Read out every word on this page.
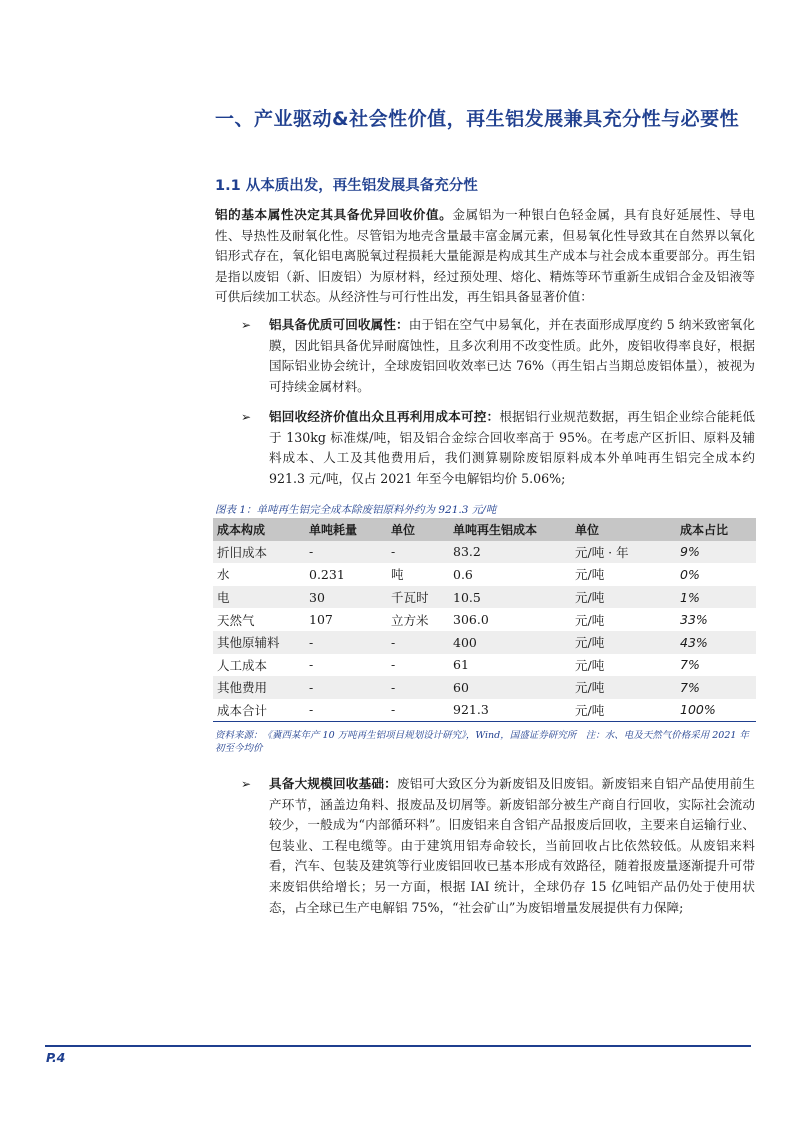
一、产业驱动&社会性价值，再生铝发展兼具充分性与必要性
1.1 从本质出发，再生铝发展具备充分性

铝的基本属性决定其具备优异回收价值。金属铝为一种银白色轻金属，具有良好延展性、导电性、导热性及耐氧化性。尽管铝为地壳含量最丰富金属元素，但易氧化性导致其在自然界以氧化铝形式存在，氧化铝电离脱氧过程损耗大量能源是构成其生产成本与社会成本重要部分。再生铝是指以废铝（新、旧废铝）为原材料，经过预处理、熔化、精炼等环节重新生成铝合金及铝液等可供后续加工状态。从经济性与可行性出发，再生铝具备显著价值：

➢ 铝具备优质可回收属性：由于铝在空气中易氧化，并在表面形成厚度约 5 纳米致密氧化膜，因此铝具备优异耐腐蚀性，且多次利用不改变性质。此外，废铝收得率良好，根据国际铝业协会统计，全球废铝回收效率已达 76%（再生铝占当期总废铝体量），被视为可持续金属材料。
➢ 铝回收经济价值出众且再利用成本可控：根据铝行业规范数据，再生铝企业综合能耗低于 130kg 标准煤/吨，铝及铝合金综合回收率高于 95%。在考虑产区折旧、原料及辅料成本、人工及其他费用后，我们测算剔除废铝原料成本外单吨再生铝完全成本约 921.3 元/吨，仅占 2021 年至今电解铝均价 5.06%;
图表 1：单吨再生铝完全成本除废铝原料外约为 921.3 元/吨
成本构成	单吨耗量	单位	单吨再生铝成本	单位	成本占比
折旧成本	-	-	83.2	元/吨 · 年	9%
水	0.231	吨	0.6	元/吨	0%
电	30	千瓦时	10.5	元/吨	1%
天然气	107	立方米	306.0	元/吨	33%
其他原辅料	-	-	400	元/吨	43%
人工成本	-	-	61	元/吨	7%
其他费用	-	-	60	元/吨	7%
成本合计	-	-	921.3	元/吨	100%
资料来源：《冀西某年产 10 万吨再生铝项目规划设计研究》，Wind，国盛证券研究所　注：水、电及天然气价格采用 2021 年初至今均价
➢ 具备大规模回收基础：废铝可大致区分为新废铝及旧废铝。新废铝来自铝产品使用前生产环节，涵盖边角料、报废品及切屑等。新废铝部分被生产商自行回收，实际社会流动较少，一般成为“内部循环料”。旧废铝来自含铝产品报废后回收，主要来自运输行业、包装业、工程电缆等。由于建筑用铝寿命较长，当前回收占比依然较低。从废铝来料看，汽车、包装及建筑等行业废铝回收已基本形成有效路径，随着报废量逐渐提升可带来废铝供给增长；另一方面，根据 IAI 统计，全球仍存 15 亿吨铝产品仍处于使用状态，占全球已生产电解铝 75%，“社会矿山”为废铝增量发展提供有力保障;
P.4
